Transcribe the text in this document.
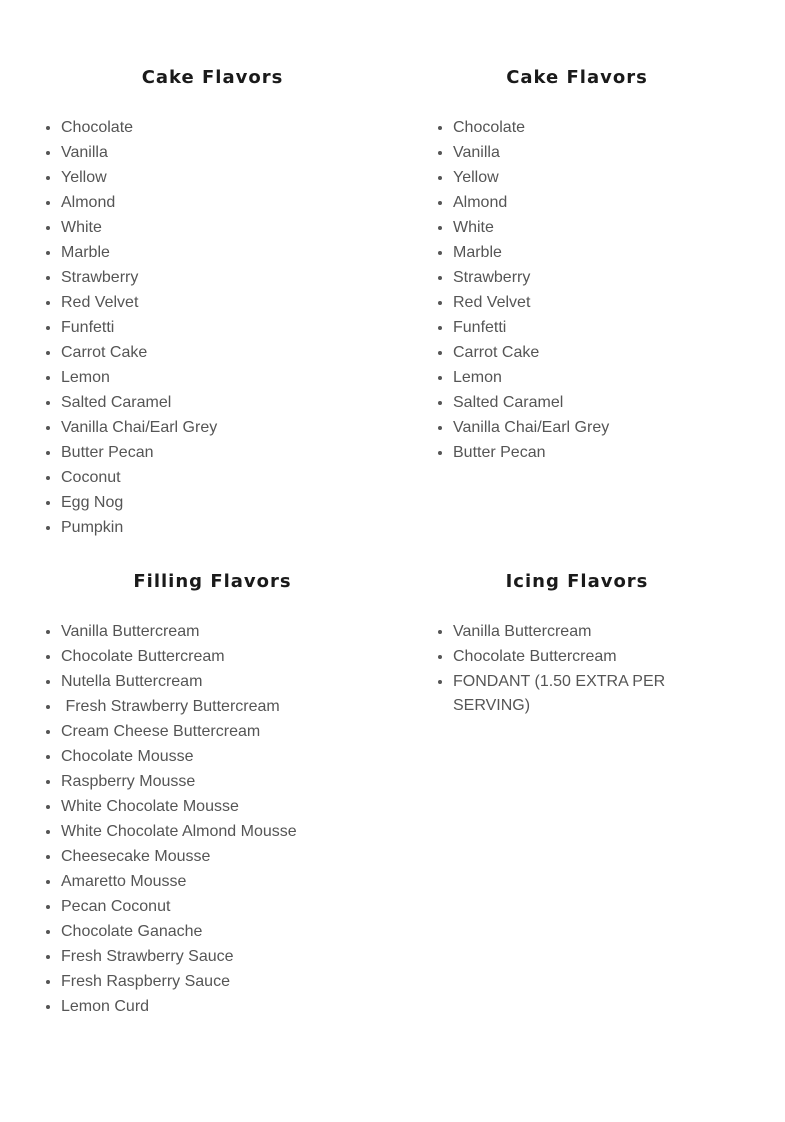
Cake Flavors
• Chocolate
• Vanilla
• Yellow
• Almond
• White
• Marble
• Strawberry
• Red Velvet
• Funfetti
• Carrot Cake
• Lemon
• Salted Caramel
• Vanilla Chai/Earl Grey
• Butter Pecan
• Coconut
• Egg Nog
• Pumpkin
Cake Flavors
• Chocolate
• Vanilla
• Yellow
• Almond
• White
• Marble
• Strawberry
• Red Velvet
• Funfetti
• Carrot Cake
• Lemon
• Salted Caramel
• Vanilla Chai/Earl Grey
• Butter Pecan
Filling Flavors
• Vanilla Buttercream
• Chocolate Buttercream
• Nutella Buttercream
•  Fresh Strawberry Buttercream
• Cream Cheese Buttercream
• Chocolate Mousse
• Raspberry Mousse
• White Chocolate Mousse
• White Chocolate Almond Mousse
• Cheesecake Mousse
• Amaretto Mousse
• Pecan Coconut
• Chocolate Ganache
• Fresh Strawberry Sauce
• Fresh Raspberry Sauce
• Lemon Curd
Icing Flavors
• Vanilla Buttercream
• Chocolate Buttercream
• FONDANT (1.50 EXTRA PER SERVING)
